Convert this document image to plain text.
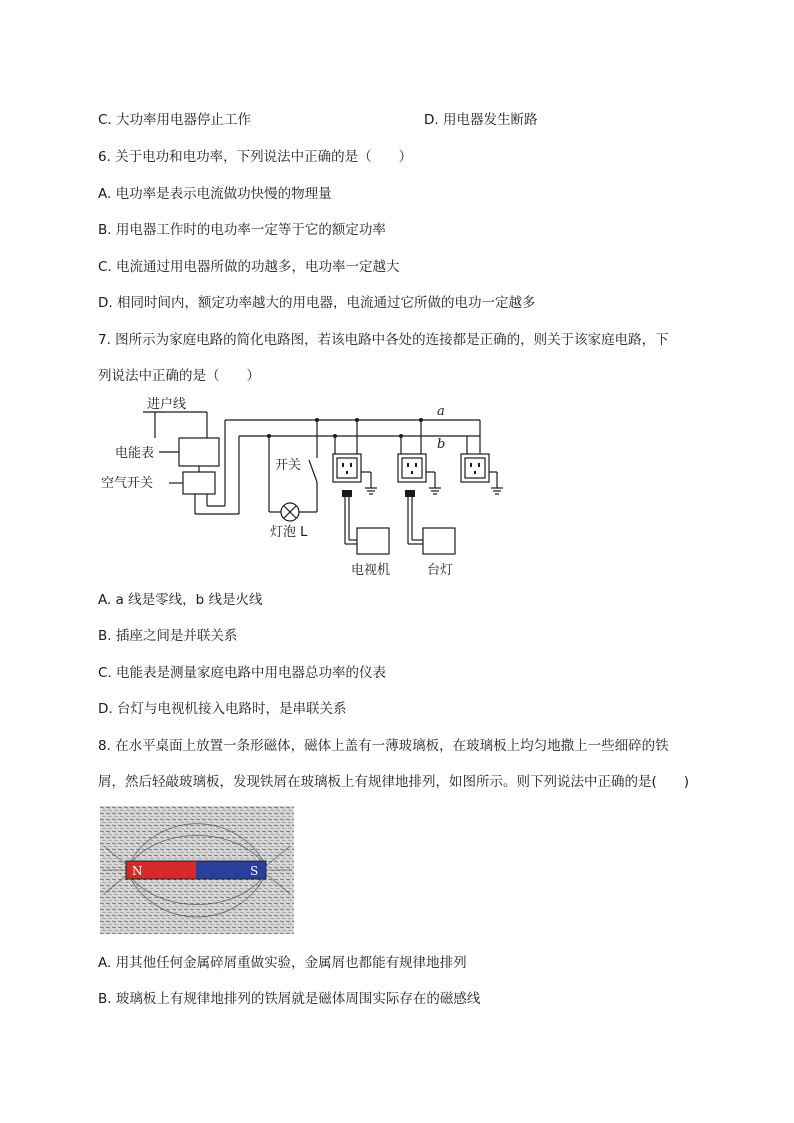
C. 大功率用电器停止工作	D. 用电器发生断路
6. 关于电功和电功率，下列说法中正确的是（　　）
A. 电功率是表示电流做功快慢的物理量
B. 用电器工作时的电功率一定等于它的额定功率
C. 电流通过用电器所做的功越多，电功率一定越大
D. 相同时间内，额定功率越大的用电器，电流通过它所做的电功一定越多
7. 图所示为家庭电路的简化电路图，若该电路中各处的连接都是正确的，则关于该家庭电路，下
列说法中正确的是（　　）
进户线
电能表
空气开关
开关
灯泡 L
电视机	台灯
a
b
A. a 线是零线，b 线是火线
B. 插座之间是并联关系
C. 电能表是测量家庭电路中用电器总功率的仪表
D. 台灯与电视机接入电路时，是串联关系
8. 在水平桌面上放置一条形磁体，磁体上盖有一薄玻璃板，在玻璃板上均匀地撒上一些细碎的铁
屑，然后轻敲玻璃板，发现铁屑在玻璃板上有规律地排列，如图所示。则下列说法中正确的是(　　)
N	S
A. 用其他任何金属碎屑重做实验，金属屑也都能有规律地排列
B. 玻璃板上有规律地排列的铁屑就是磁体周围实际存在的磁感线
